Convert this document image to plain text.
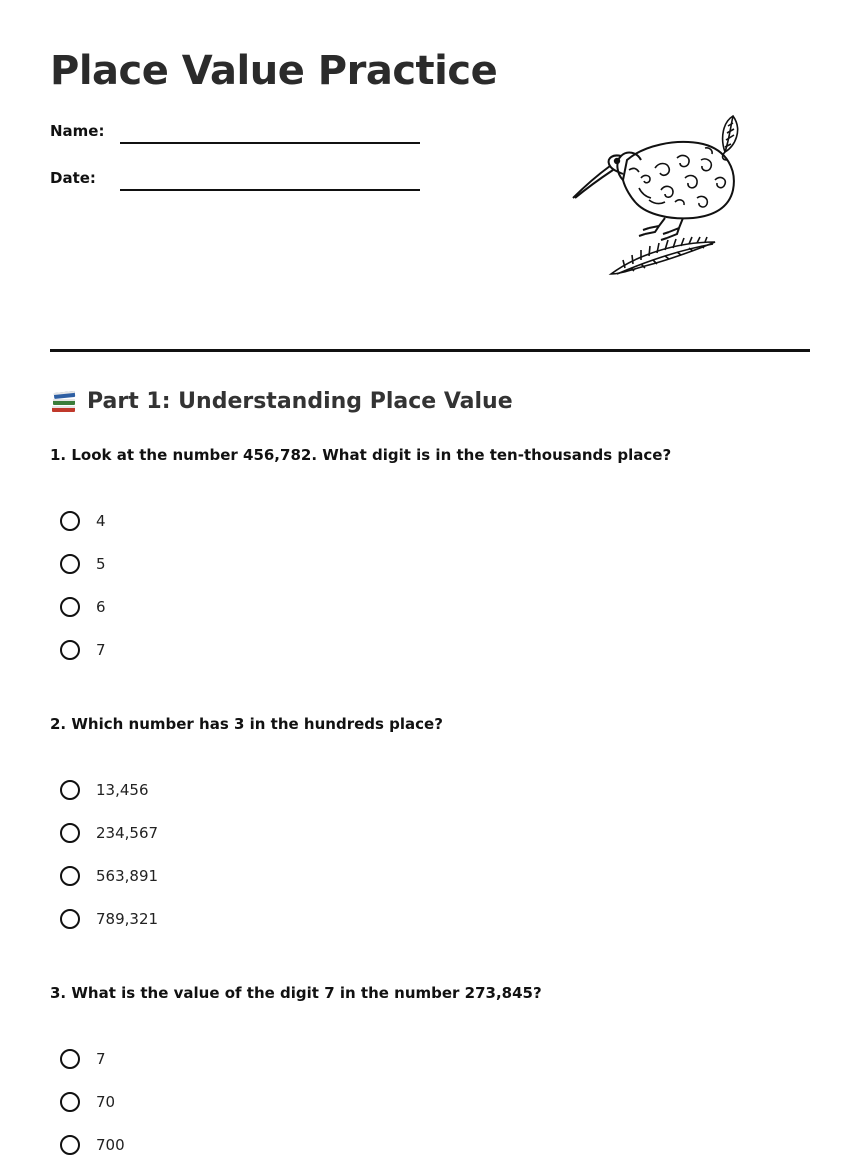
Place Value Practice
Name:
Date:
Part 1: Understanding Place Value

1. Look at the number 456,782. What digit is in the ten-thousands place?

4
5
6
7

2. Which number has 3 in the hundreds place?

13,456
234,567
563,891
789,321

3. What is the value of the digit 7 in the number 273,845?

7
70
700
